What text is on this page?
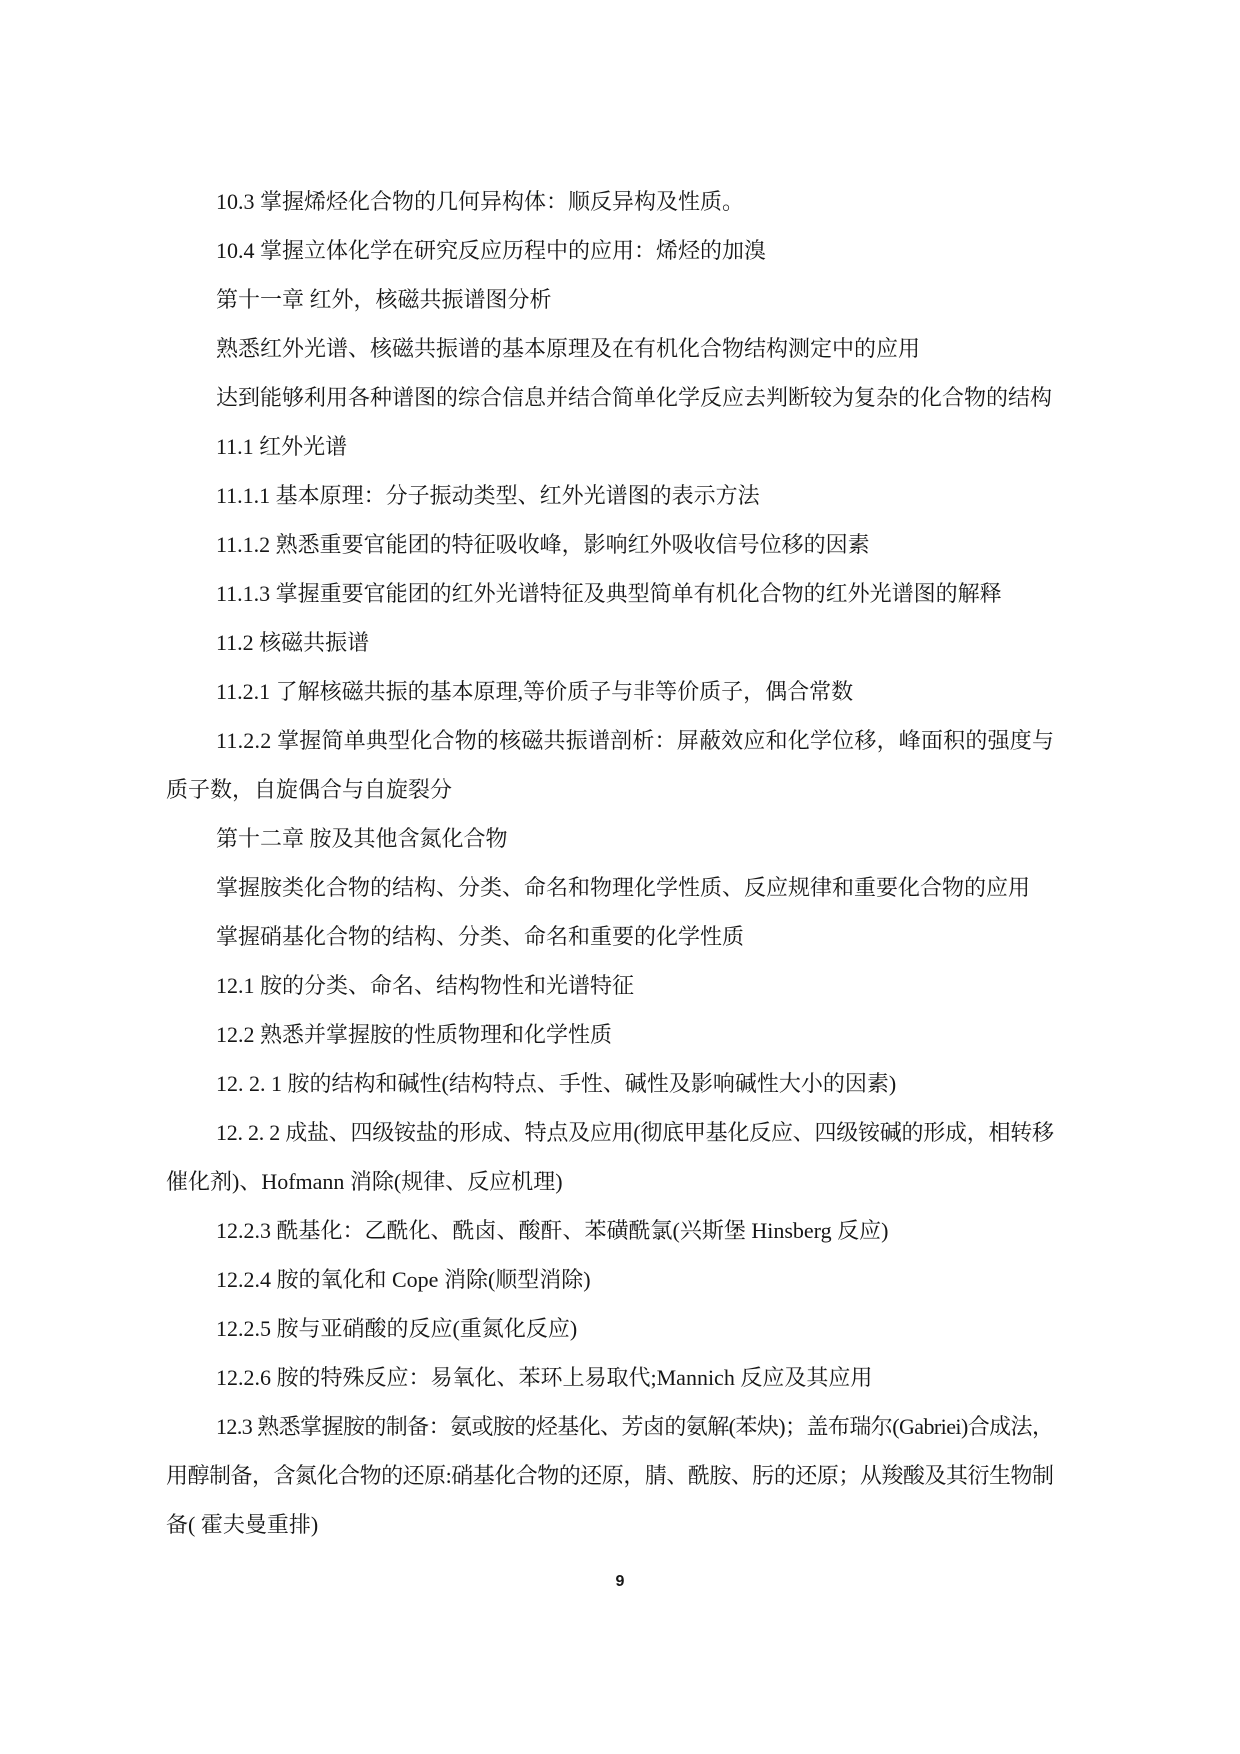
10.3 掌握烯烃化合物的几何异构体：顺反异构及性质。
10.4 掌握立体化学在研究反应历程中的应用：烯烃的加溴
第十一章 红外，核磁共振谱图分析
熟悉红外光谱、核磁共振谱的基本原理及在有机化合物结构测定中的应用
达到能够利用各种谱图的综合信息并结合简单化学反应去判断较为复杂的化合物的结构
11.1 红外光谱
11.1.1 基本原理：分子振动类型、红外光谱图的表示方法
11.1.2 熟悉重要官能团的特征吸收峰，影响红外吸收信号位移的因素
11.1.3 掌握重要官能团的红外光谱特征及典型简单有机化合物的红外光谱图的解释
11.2 核磁共振谱
11.2.1 了解核磁共振的基本原理,等价质子与非等价质子，偶合常数
11.2.2 掌握简单典型化合物的核磁共振谱剖析：屏蔽效应和化学位移，峰面积的强度与
质子数，自旋偶合与自旋裂分
第十二章 胺及其他含氮化合物
掌握胺类化合物的结构、分类、命名和物理化学性质、反应规律和重要化合物的应用
掌握硝基化合物的结构、分类、命名和重要的化学性质
12.1 胺的分类、命名、结构物性和光谱特征
12.2 熟悉并掌握胺的性质物理和化学性质
12. 2. 1 胺的结构和碱性(结构特点、手性、碱性及影响碱性大小的因素)
12. 2. 2 成盐、四级铵盐的形成、特点及应用(彻底甲基化反应、四级铵碱的形成，相转移
催化剂)、Hofmann 消除(规律、反应机理)
12.2.3 酰基化：乙酰化、酰卤、酸酐、苯磺酰氯(兴斯堡 Hinsberg 反应)
12.2.4 胺的氧化和 Cope 消除(顺型消除)
12.2.5 胺与亚硝酸的反应(重氮化反应)
12.2.6 胺的特殊反应：易氧化、苯环上易取代;Mannich 反应及其应用
12.3 熟悉掌握胺的制备：氨或胺的烃基化、芳卤的氨解(苯炔)；盖布瑞尔(Gabriei)合成法，
用醇制备，含氮化合物的还原:硝基化合物的还原，腈、酰胺、肟的还原；从羧酸及其衍生物制
备( 霍夫曼重排)
9
